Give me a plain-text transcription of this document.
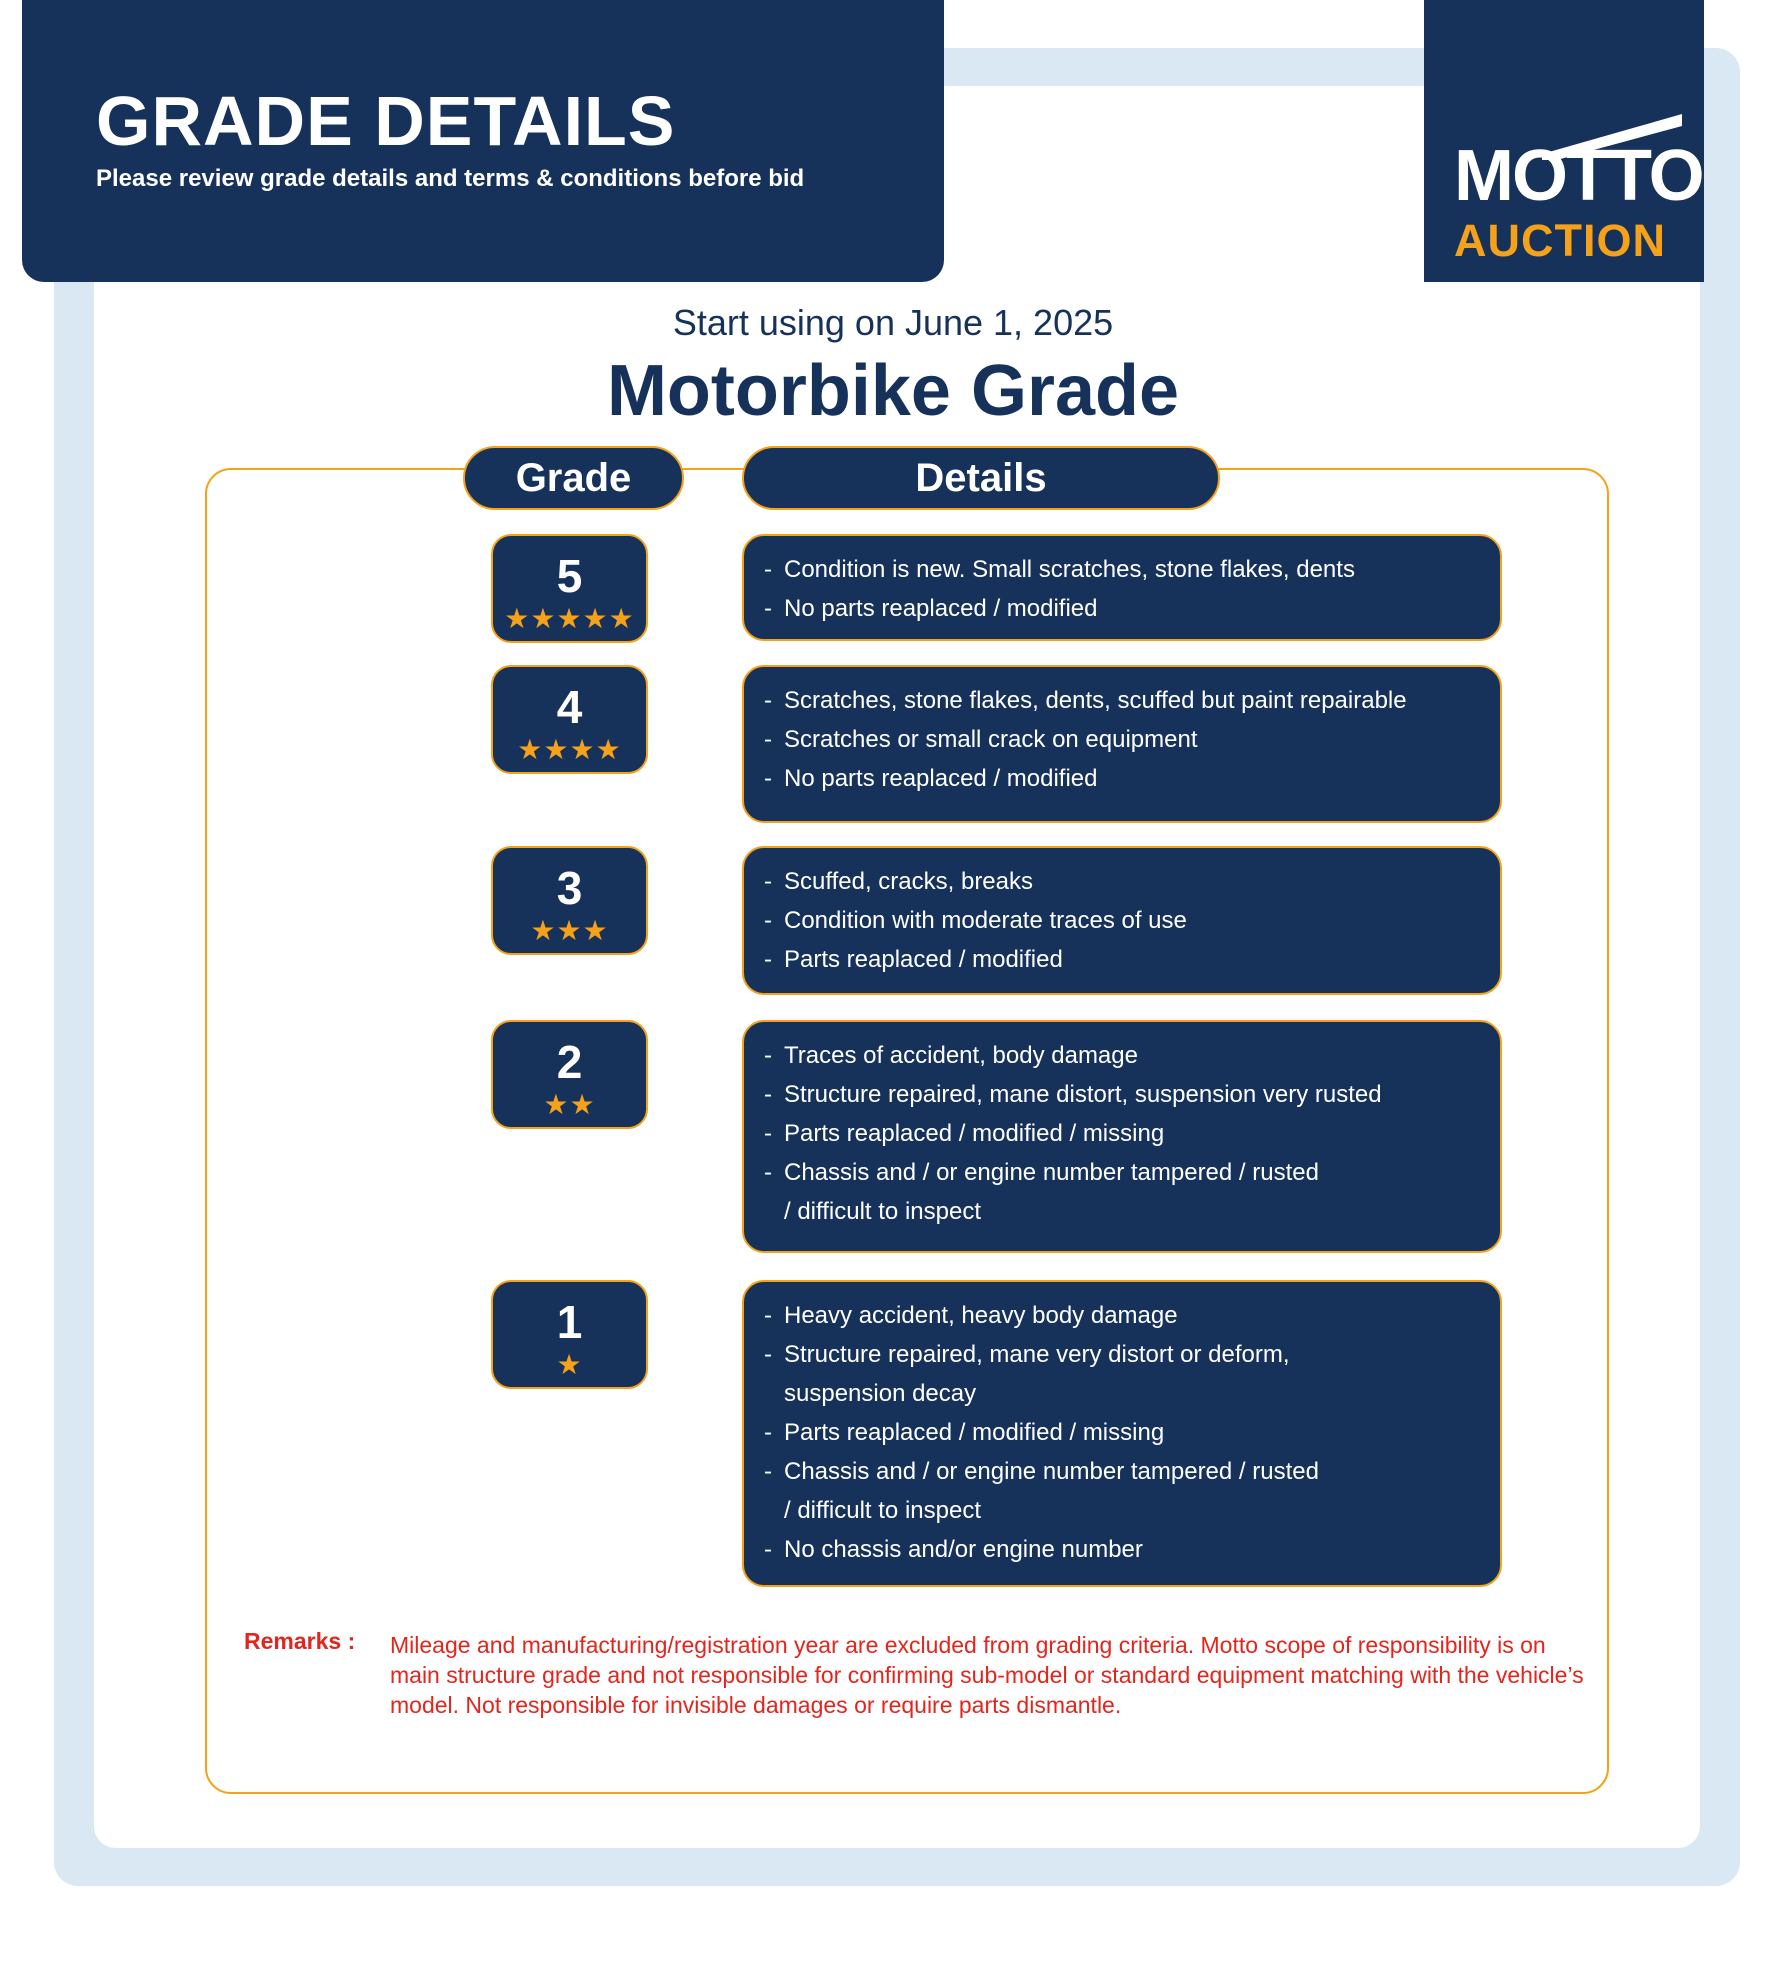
GRADE DETAILS
Please review grade details and terms & conditions before bid	MOTTO
AUCTION
Start using on June 1, 2025
Motorbike Grade
Grade	Details
5
★★★★★
- Condition is new. Small scratches, stone flakes, dents
- No parts reaplaced / modified
4
★★★★
- Scratches, stone flakes, dents, scuffed but paint repairable
- Scratches or small crack on equipment
- No parts reaplaced / modified
3
★★★
- Scuffed, cracks, breaks
- Condition with moderate traces of use
- Parts reaplaced / modified
2
★★
- Traces of accident, body damage
- Structure repaired, mane distort, suspension very rusted
- Parts reaplaced / modified / missing
- Chassis and / or engine number tampered / rusted
/ difficult to inspect
1
★
- Heavy accident, heavy body damage
- Structure repaired, mane very distort or deform,
suspension decay
- Parts reaplaced / modified / missing
- Chassis and / or engine number tampered / rusted
/ difficult to inspect
- No chassis and/or engine number
Remarks : Mileage and manufacturing/registration year are excluded from grading criteria. Motto scope of responsibility is on main structure grade and not responsible for confirming sub-model or standard equipment matching with the vehicle’s model. Not responsible for invisible damages or require parts dismantle.
